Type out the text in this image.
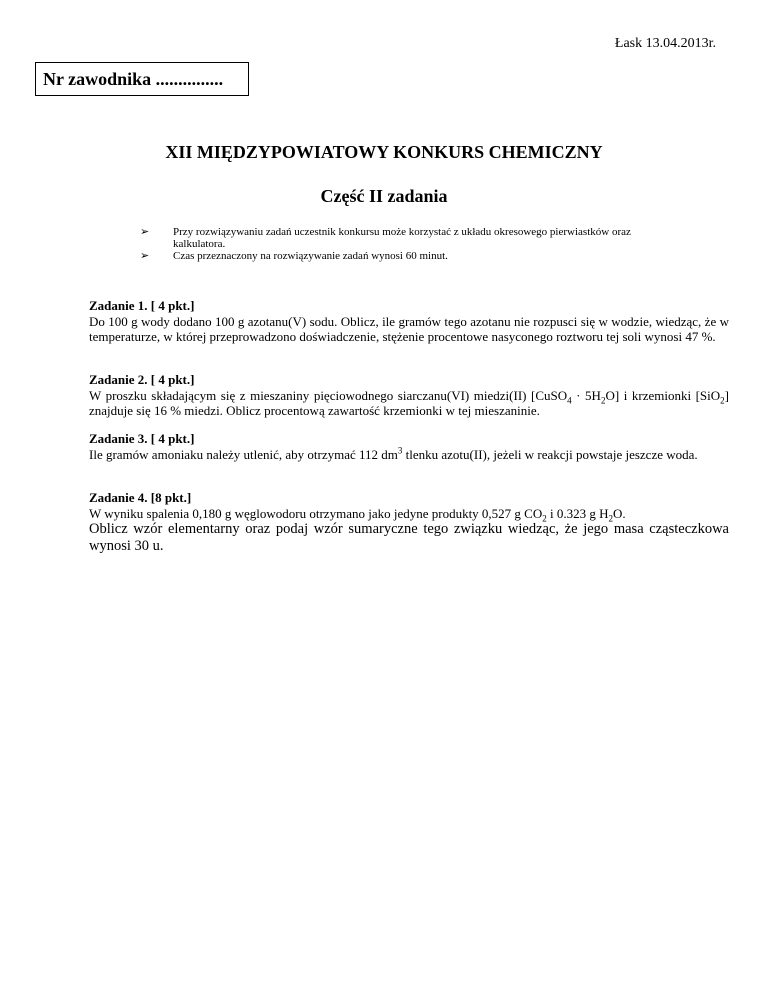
Łask 13.04.2013r.
Nr zawodnika ...............
XII MIĘDZYPOWIATOWY KONKURS CHEMICZNY
Część II zadania
➢ Przy rozwiązywaniu zadań uczestnik konkursu może korzystać z układu okresowego pierwiastków oraz kalkulatora.
➢ Czas przeznaczony na rozwiązywanie zadań wynosi 60 minut.
Zadanie 1. [ 4 pkt.]
Do 100 g wody dodano 100 g azotanu(V) sodu. Oblicz, ile gramów tego azotanu nie rozpusci się w wodzie, wiedząc, że w temperaturze, w której przeprowadzono doświadczenie, stężenie procentowe nasyconego roztworu tej soli wynosi 47 %.
Zadanie 2. [ 4 pkt.]
W proszku składającym się z mieszaniny pięciowodnego siarczanu(VI) miedzi(II) [CuSO$_4$ · $5H_2O$] i krzemionki [SiO$_2$] znajduje się 16 % miedzi. Oblicz procentową zawartość krzemionki w tej mieszaninie.
Zadanie 3. [ 4 pkt.]
Ile gramów amoniaku należy utlenić, aby otrzymać 112 $dm^3$ tlenku azotu(II), jeżeli w reakcji powstaje jeszcze woda.
Zadanie 4. [8 pkt.]
W wyniku spalenia 0,180 g węglowodoru otrzymano jako jedyne produkty 0,527 g $CO_2$ i 0.323 g $H_2O$.
Oblicz wzór elementarny oraz podaj wzór sumaryczne tego związku wiedząc, że jego masa cząsteczkowa wynosi 30 u.
